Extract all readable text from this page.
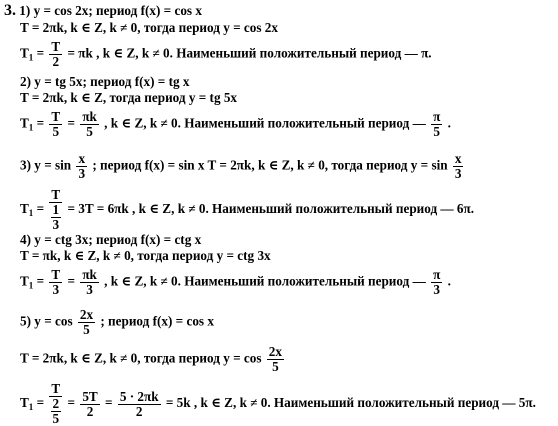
3. 1) y = cos 2x; период f(x) = cos x
T = 2πk, k ∈ Z, k ≠ 0, тогда период y = cos 2x
$T_1 = \frac{T}{2} = \pi k$ , k ∈ Z, k ≠ 0. Наименьший положительный период — π.
2) y = tg 5x; период f(x) = tg x
T = 2πk, k ∈ Z, тогда период y = tg 5x
$T_1 = \frac{T}{5} = \frac{\pi k}{5}$ , k ∈ Z, k ≠ 0. Наименьший положительный период — $\frac{\pi}{5}$ .
3) $y = \sin \frac{x}{3}$ ; период f(x) = sin x T = 2πk, k ∈ Z, k ≠ 0, тогда период $y = \sin \frac{x}{3}$
$T_1$ =
T
1
3
= 3T = 6πk , k ∈ Z, k ≠ 0. Наименьший положительный период — 6π.
4) y = ctg 3x; период f(x) = ctg x
T = πk, k ∈ Z, k ≠ 0, тогда период y = ctg 3x
$T_1 = \frac{T}{3} = \frac{\pi k}{3}$ , k ∈ Z, k ≠ 0. Наименьший положительный период — $\frac{\pi}{3}$ .
5) $y = \cos \frac{2x}{5}$ ; период f(x) = cos x
T = 2πk, k ∈ Z, k ≠ 0, тогда период $y = \cos \frac{2x}{5}$
$T_1$ =
T
2
5
= $\frac{5T}{2} = \frac{5 \cdot 2\pi k}{2} = 5k$ , k ∈ Z, k ≠ 0. Наименьший положительный период — 5π.
